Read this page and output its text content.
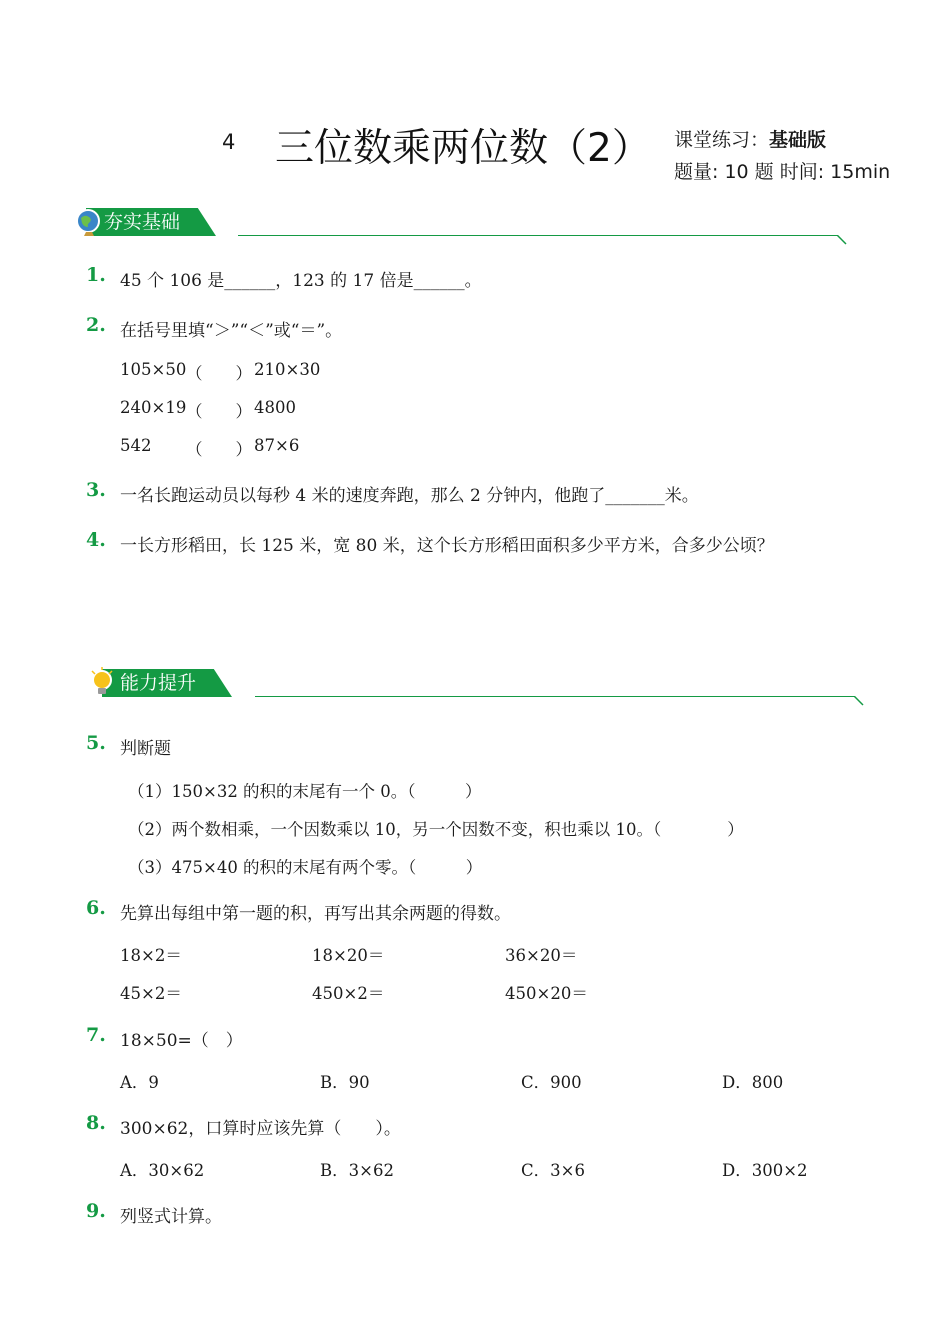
4 三位数乘两位数（2） 课堂练习：基础版
题量: 10 题 时间: 15min
夯实基础
1. 45 个 106 是______，123 的 17 倍是______。
2. 在括号里填“＞”“＜”或“＝”。
105×50 （　　） 210×30
240×19 （　　） 4800
542 （　　） 87×6
3. 一名长跑运动员以每秒 4 米的速度奔跑，那么 2 分钟内，他跑了_______米。
4. 一长方形稻田，长 125 米，宽 80 米，这个长方形稻田面积多少平方米，合多少公顷？
能力提升
5. 判断题
（1）150×32 的积的末尾有一个 0。（　　　）
（2）两个数相乘，一个因数乘以 10，另一个因数不变，积也乘以 10。（　　　　）
（3）475×40 的积的末尾有两个零。（　　　）
6. 先算出每组中第一题的积，再写出其余两题的得数。
18×2＝	18×20＝	36×20＝
45×2＝	450×2＝	450×20＝
7. 18×50=（　）
A．9	B．90	C．900	D．800
8. 300×62，口算时应该先算（　　）。
A．30×62	B．3×62	C．3×6	D．300×2
9. 列竖式计算。
